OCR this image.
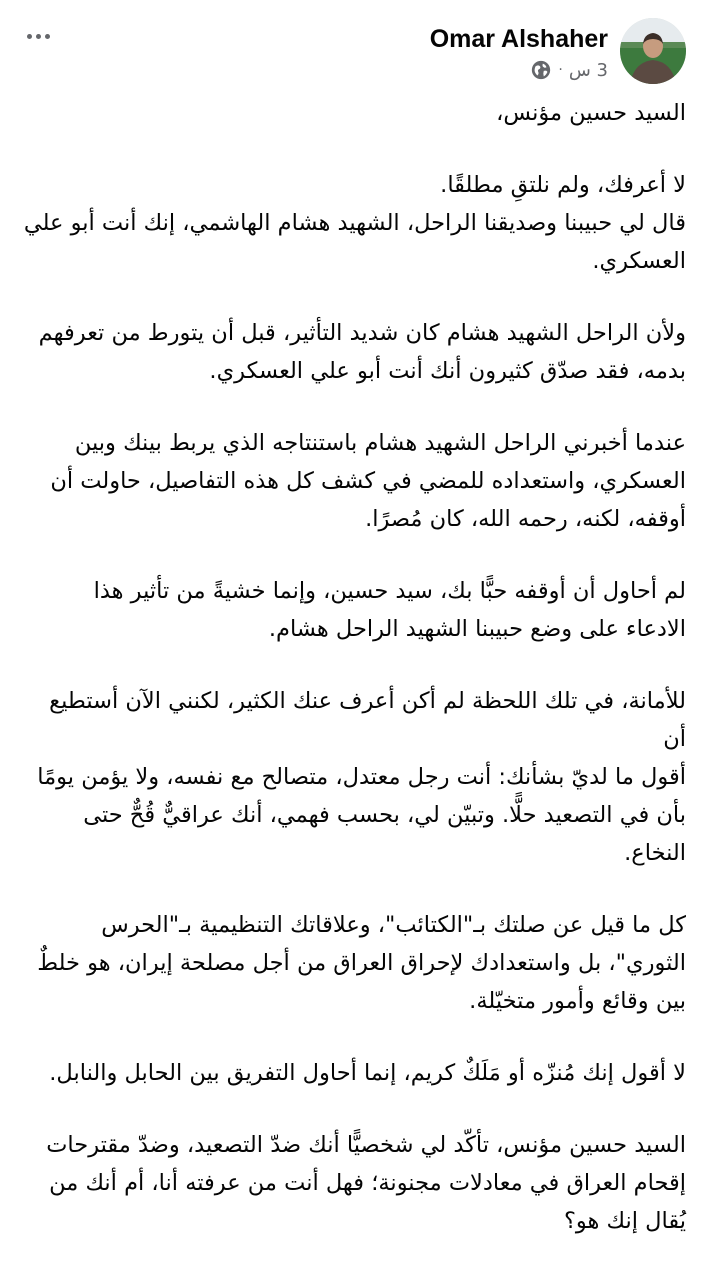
Omar Alshaher
3 س
·

السيد حسين مؤنس،

لا أعرفك، ولم نلتقِ مطلقًا.
قال لي حبيبنا وصديقنا الراحل، الشهيد هشام الهاشمي، إنك أنت أبو علي
العسكري.

ولأن الراحل الشهيد هشام كان شديد التأثير، قبل أن يتورط من تعرفهم
بدمه، فقد صدّق كثيرون أنك أنت أبو علي العسكري.

عندما أخبرني الراحل الشهيد هشام باستنتاجه الذي يربط بينك وبين
العسكري، واستعداده للمضي في كشف كل هذه التفاصيل، حاولت أن
أوقفه، لكنه، رحمه الله، كان مُصرًا.

لم أحاول أن أوقفه حبًّا بك، سيد حسين، وإنما خشيةً من تأثير هذا
الادعاء على وضع حبيبنا الشهيد الراحل هشام.

للأمانة، في تلك اللحظة لم أكن أعرف عنك الكثير، لكنني الآن أستطيع أن
أقول ما لديّ بشأنك: أنت رجل معتدل، متصالح مع نفسه، ولا يؤمن يومًا
بأن في التصعيد حلًّا. وتبيّن لي، بحسب فهمي، أنك عراقيٌّ قُحٌّ حتى
النخاع.

كل ما قيل عن صلتك بـ"الكتائب"، وعلاقاتك التنظيمية بـ"الحرس
الثوري"، بل واستعدادك لإحراق العراق من أجل مصلحة إيران، هو خلطٌ
بين وقائع وأمور متخيّلة.

لا أقول إنك مُنزّه أو مَلَكٌ كريم، إنما أحاول التفريق بين الحابل والنابل.

السيد حسين مؤنس، تأكّد لي شخصيًّا أنك ضدّ التصعيد، وضدّ مقترحات
إقحام العراق في معادلات مجنونة؛ فهل أنت من عرفته أنا، أم أنك من
يُقال إنك هو؟
